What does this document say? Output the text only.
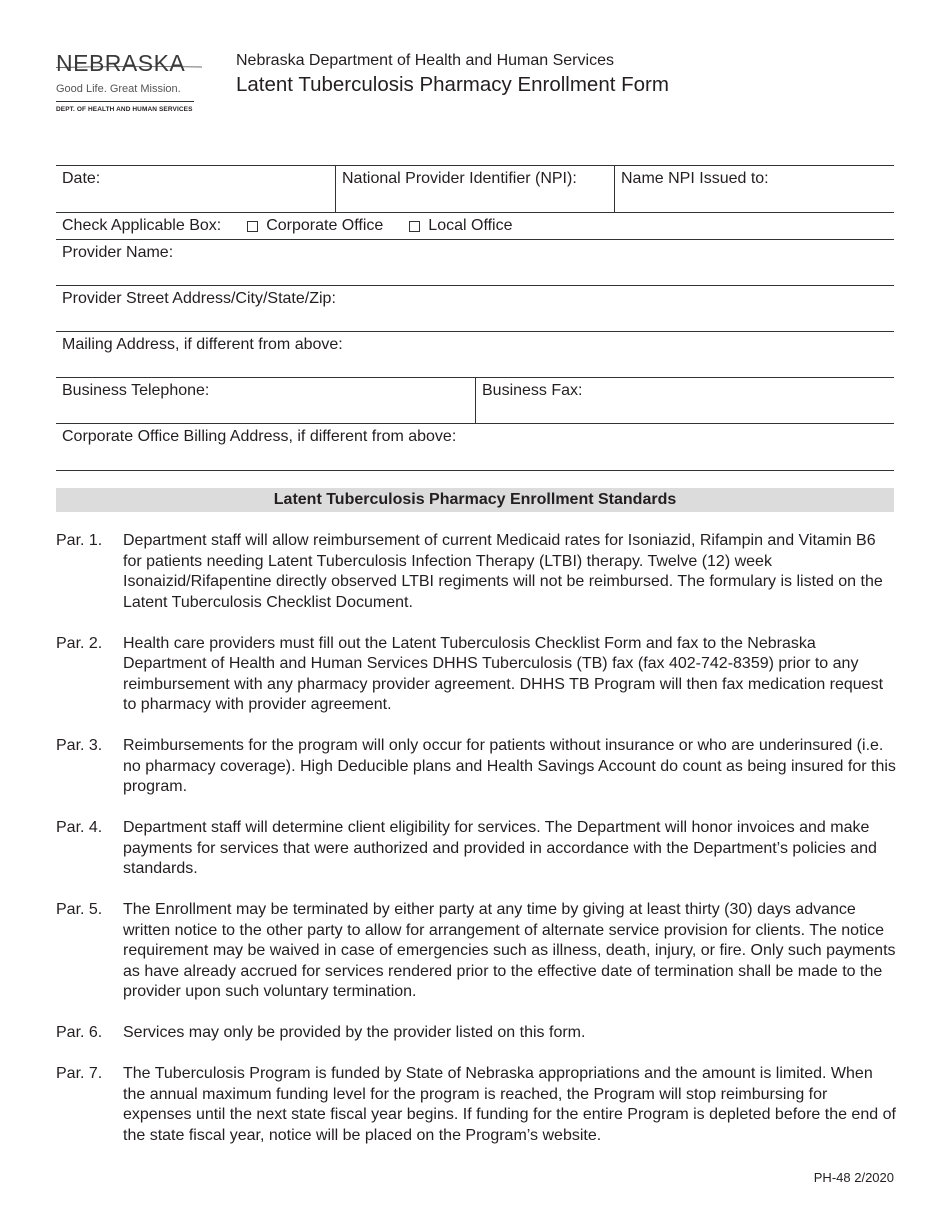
NEBRASKA
Good Life. Great Mission.
DEPT. OF HEALTH AND HUMAN SERVICES
Nebraska Department of Health and Human Services
Latent Tuberculosis Pharmacy Enrollment Form
Date:	National Provider Identifier (NPI):	Name NPI Issued to:
Check Applicable Box:	Corporate Office	Local Office
Provider Name:
Provider Street Address/City/State/Zip:
Mailing Address, if different from above:
Business Telephone:	Business Fax:
Corporate Office Billing Address, if different from above:
Latent Tuberculosis Pharmacy Enrollment Standards
Par. 1.	Department staff will allow reimbursement of current Medicaid rates for Isoniazid, Rifampin and Vitamin B6 for patients needing Latent Tuberculosis Infection Therapy (LTBI) therapy. Twelve (12) week Isonaizid/Rifapentine directly observed LTBI regiments will not be reimbursed. The formulary is listed on the Latent Tuberculosis Checklist Document.
Par. 2.	Health care providers must fill out the Latent Tuberculosis Checklist Form and fax to the Nebraska Department of Health and Human Services DHHS Tuberculosis (TB) fax (fax 402-742-8359) prior to any reimbursement with any pharmacy provider agreement. DHHS TB Program will then fax medication request to pharmacy with provider agreement.
Par. 3.	Reimbursements for the program will only occur for patients without insurance or who are underinsured (i.e. no pharmacy coverage). High Deducible plans and Health Savings Account do count as being insured for this program.
Par. 4.	Department staff will determine client eligibility for services. The Department will honor invoices and make payments for services that were authorized and provided in accordance with the Department’s policies and standards.
Par. 5.	The Enrollment may be terminated by either party at any time by giving at least thirty (30) days advance written notice to the other party to allow for arrangement of alternate service provision for clients. The notice requirement may be waived in case of emergencies such as illness, death, injury, or fire. Only such payments as have already accrued for services rendered prior to the effective date of termination shall be made to the provider upon such voluntary termination.
Par. 6.	Services may only be provided by the provider listed on this form.
Par. 7.	The Tuberculosis Program is funded by State of Nebraska appropriations and the amount is limited. When the annual maximum funding level for the program is reached, the Program will stop reimbursing for expenses until the next state fiscal year begins. If funding for the entire Program is depleted before the end of the state fiscal year, notice will be placed on the Program’s website.
PH-48 2/2020
